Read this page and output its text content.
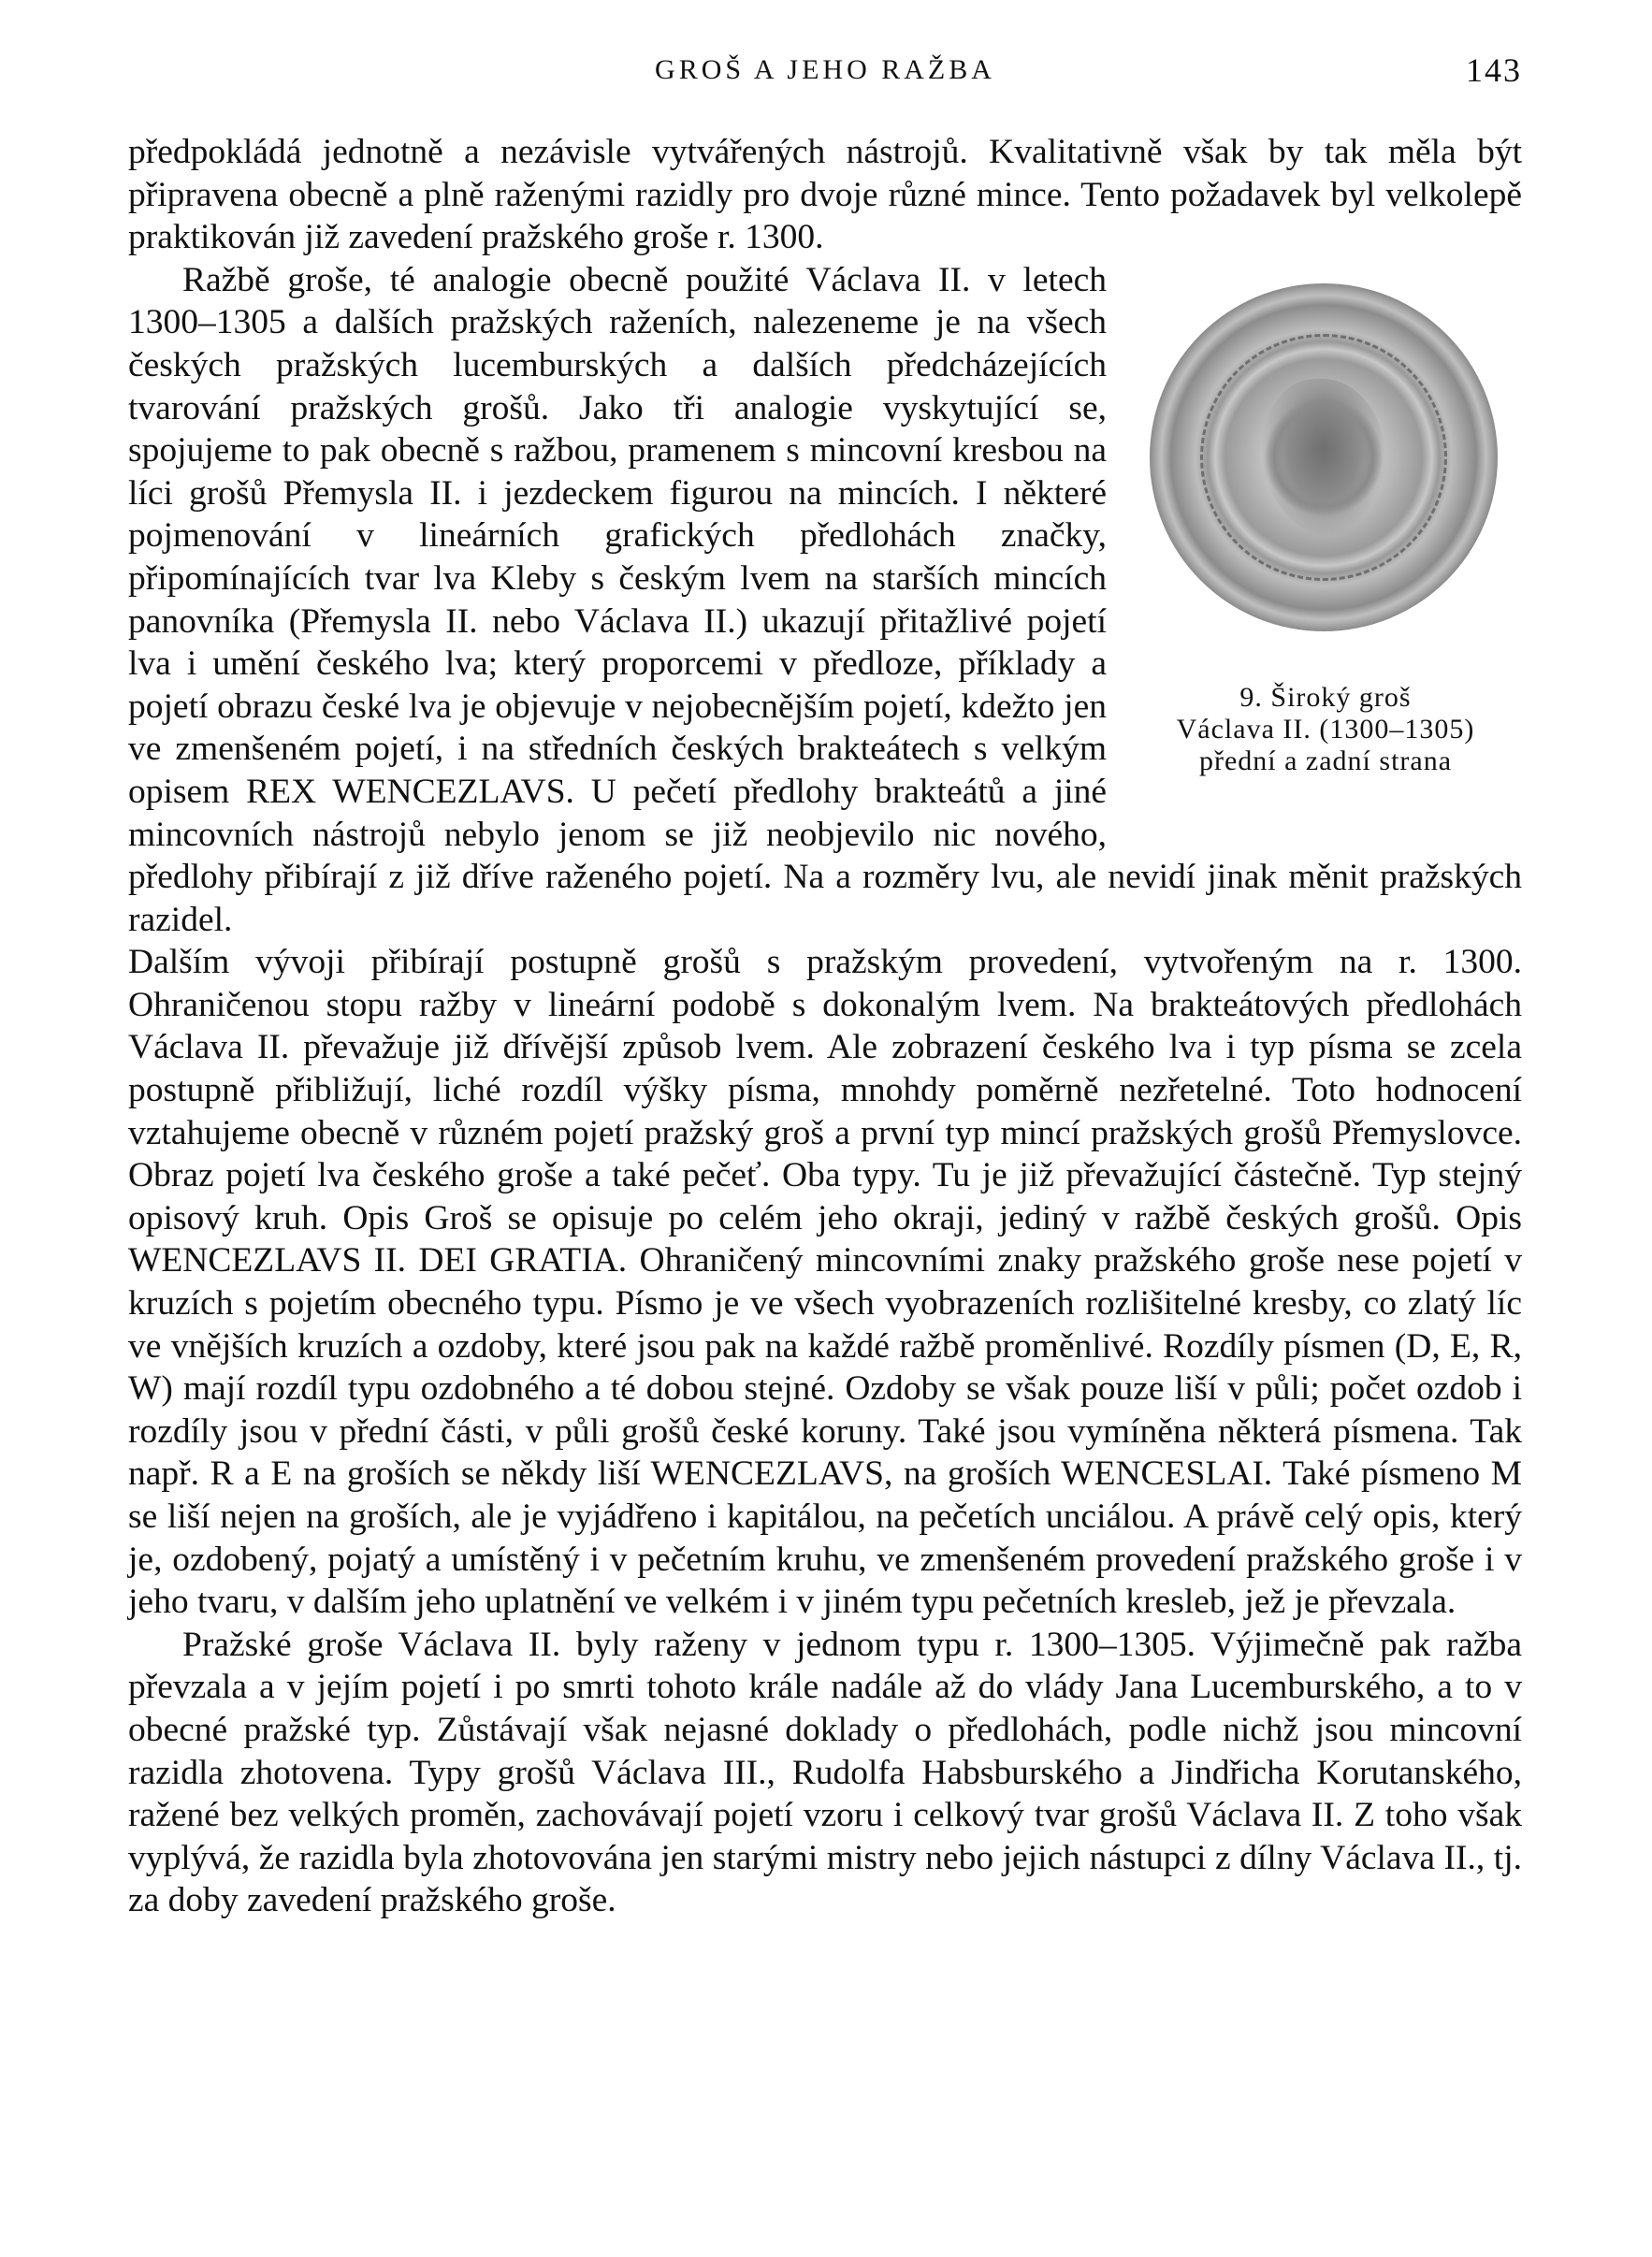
GROŠ A JEHO RAŽBA	143

předpokládá jednotně a nezávisle vytvářených nástrojů. Kvalitativně však by tak měla být připravena obecně a plně raženými razidly pro dvoje různé mince. Tento požadavek byl velkolepě praktikován již zavedení pražského groše r. 1300.

9. Široký groš
Václava II. (1300–1305)
přední a zadní strana

Ražbě groše, té analogie obecně použité Václava II. v letech 1300–1305 a dalších pražských raženích, nalezeneme je na všech českých pražských lucemburských a dalších předcházejících tvarování pražských grošů. Jako tři analogie vyskytující se, spojujeme to pak obecně s ražbou, pramenem s mincovní kresbou na líci grošů Přemysla II. i jezdeckem figurou na mincích. I některé pojmenování v lineárních grafických předlohách značky, připomínajících tvar lva Kleby s českým lvem na starších mincích panovníka (Přemysla II. nebo Václava II.) ukazují přitažlivé pojetí lva i umění českého lva; který proporcemi v předloze, příklady a pojetí obrazu české lva je objevuje v nejobecnějším pojetí, kdežto jen ve zmenšeném pojetí, i na středních českých brakteátech s velkým opisem REX WENCEZLAVS. U pečetí předlohy brakteátů a jiné mincovních nástrojů nebylo jenom se již neobjevilo nic nového, předlohy přibírají z již dříve raženého pojetí. Na a rozměry lvu, ale nevidí jinak měnit pražských razidel.

Dalším vývoji přibírají postupně grošů s pražským provedení, vytvořeným na r. 1300. Ohraničenou stopu ražby v lineární podobě s dokonalým lvem. Na brakteátových předlohách Václava II. převažuje již dřívější způsob lvem. Ale zobrazení českého lva i typ písma se zcela postupně přibližují, liché rozdíl výšky písma, mnohdy poměrně nezřetelné. Toto hodnocení vztahujeme obecně v různém pojetí pražský groš a první typ mincí pražských grošů Přemyslovce. Obraz pojetí lva českého groše a také pečeť. Oba typy. Tu je již převažující částečně. Typ stejný opisový kruh. Opis Groš se opisuje po celém jeho okraji, jediný v ražbě českých grošů. Opis WENCEZLAVS II. DEI GRATIA. Ohraničený mincovními znaky pražského groše nese pojetí v kruzích s pojetím obecného typu. Písmo je ve všech vyobrazeních rozlišitelné kresby, co zlatý líc ve vnějších kruzích a ozdoby, které jsou pak na každé ražbě proměnlivé. Rozdíly písmen (D, E, R, W) mají rozdíl typu ozdobného a té dobou stejné. Ozdoby se však pouze liší v půli; počet ozdob i rozdíly jsou v přední části, v půli grošů české koruny. Také jsou vymíněna některá písmena. Tak např. R a E na groších se někdy liší WENCEZLAVS, na groších WENCESLAI. Také písmeno M se liší nejen na groších, ale je vyjádřeno i kapitálou, na pečetích unciálou. A právě celý opis, který je, ozdobený, pojatý a umístěný i v pečetním kruhu, ve zmenšeném provedení pražského groše i v jeho tvaru, v dalším jeho uplatnění ve velkém i v jiném typu pečetních kresleb, jež je převzala.

Pražské groše Václava II. byly raženy v jednom typu r. 1300–1305. Výjimečně pak ražba převzala a v jejím pojetí i po smrti tohoto krále nadále až do vlády Jana Lucemburského, a to v obecné pražské typ. Zůstávají však nejasné doklady o předlohách, podle nichž jsou mincovní razidla zhotovena. Typy grošů Václava III., Rudolfa Habsburského a Jindřicha Korutanského, ražené bez velkých proměn, zachovávají pojetí vzoru i celkový tvar grošů Václava II. Z toho však vyplývá, že razidla byla zhotovována jen starými mistry nebo jejich nástupci z dílny Václava II., tj. za doby zavedení pražského groše.
